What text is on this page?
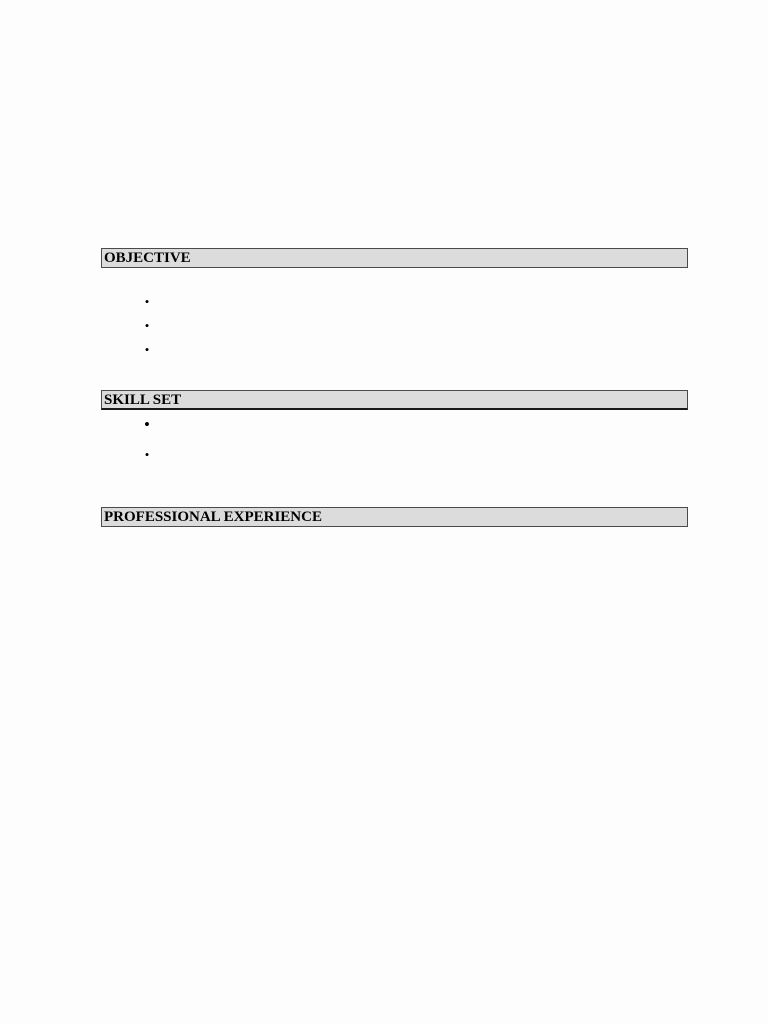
OBJECTIVE
•
•
•
SKILL SET
•
•
PROFESSIONAL EXPERIENCE
